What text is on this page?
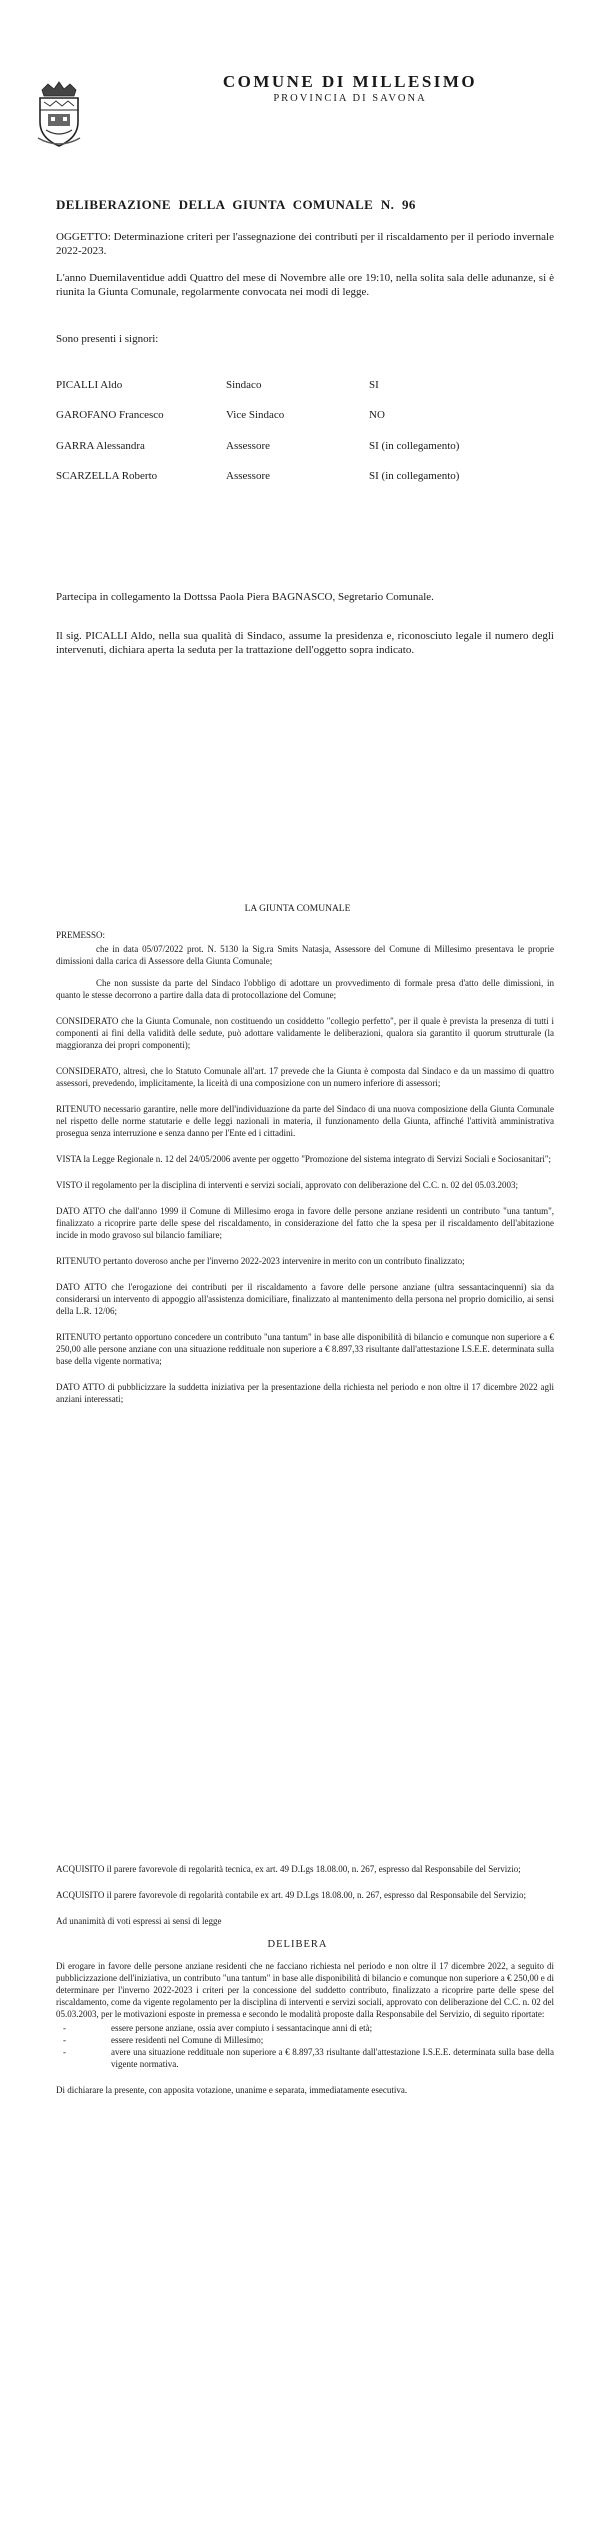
COMUNE DI MILLESIMO
PROVINCIA DI SAVONA
DELIBERAZIONE DELLA GIUNTA COMUNALE N. 96
OGGETTO: Determinazione criteri per l'assegnazione dei contributi per il riscaldamento per il periodo invernale 2022-2023.
L'anno Duemilaventidue addì Quattro del mese di Novembre alle ore 19:10, nella solita sala delle adunanze, si è riunita la Giunta Comunale, regolarmente convocata nei modi di legge.
Sono presenti i signori:
PICALLI Aldo	Sindaco	SI
GAROFANO Francesco	Vice Sindaco	NO
GARRA Alessandra	Assessore	SI (in collegamento)
SCARZELLA Roberto	Assessore	SI (in collegamento)
Partecipa in collegamento la Dottssa Paola Piera BAGNASCO, Segretario Comunale.
Il sig. PICALLI Aldo, nella sua qualità di Sindaco, assume la presidenza e, riconosciuto legale il numero degli intervenuti, dichiara aperta la seduta per la trattazione dell'oggetto sopra indicato.
LA GIUNTA COMUNALE
PREMESSO:
che in data 05/07/2022 prot. N. 5130 la Sig.ra Smits Natasja, Assessore del Comune di Millesimo presentava le proprie dimissioni dalla carica di Assessore della Giunta Comunale;
Che non sussiste da parte del Sindaco l'obbligo di adottare un provvedimento di formale presa d'atto delle dimissioni, in quanto le stesse decorrono a partire dalla data di protocollazione del Comune;
CONSIDERATO che la Giunta Comunale, non costituendo un cosiddetto "collegio perfetto", per il quale è prevista la presenza di tutti i componenti ai fini della validità delle sedute, può adottare validamente le deliberazioni, qualora sia garantito il quorum strutturale (la maggioranza dei propri componenti);
CONSIDERATO, altresì, che lo Statuto Comunale all'art. 17 prevede che la Giunta è composta dal Sindaco e da un massimo di quattro assessori, prevedendo, implicitamente, la liceità di una composizione con un numero inferiore di assessori;
RITENUTO necessario garantire, nelle more dell'individuazione da parte del Sindaco di una nuova composizione della Giunta Comunale nel rispetto delle norme statutarie e delle leggi nazionali in materia, il funzionamento della Giunta, affinché l'attività amministrativa prosegua senza interruzione e senza danno per l'Ente ed i cittadini.
VISTA la Legge Regionale n. 12 del 24/05/2006 avente per oggetto "Promozione del sistema integrato di Servizi Sociali e Sociosanitari";
VISTO il regolamento per la disciplina di interventi e servizi sociali, approvato con deliberazione del C.C. n. 02 del 05.03.2003;
DATO ATTO che dall'anno 1999 il Comune di Millesimo eroga in favore delle persone anziane residenti un contributo "una tantum", finalizzato a ricoprire parte delle spese del riscaldamento, in considerazione del fatto che la spesa per il riscaldamento dell'abitazione incide in modo gravoso sul bilancio familiare;
RITENUTO pertanto doveroso anche per l'inverno 2022-2023 intervenire in merito con un contributo finalizzato;
DATO ATTO che l'erogazione dei contributi per il riscaldamento a favore delle persone anziane (ultra sessantacinquenni) sia da considerarsi un intervento di appoggio all'assistenza domiciliare, finalizzato al mantenimento della persona nel proprio domicilio, ai sensi della L.R. 12/06;
RITENUTO pertanto opportuno concedere un contributo "una tantum" in base alle disponibilità di bilancio e comunque non superiore a € 250,00 alle persone anziane con una situazione reddituale non superiore a € 8.897,33 risultante dall'attestazione I.S.E.E. determinata sulla base della vigente normativa;
DATO ATTO di pubblicizzare la suddetta iniziativa per la presentazione della richiesta nel periodo e non oltre il 17 dicembre 2022 agli anziani interessati;
ACQUISITO il parere favorevole di regolarità tecnica, ex art. 49 D.Lgs 18.08.00, n. 267, espresso dal Responsabile del Servizio;
ACQUISITO il parere favorevole di regolarità contabile ex art. 49 D.Lgs 18.08.00, n. 267, espresso dal Responsabile del Servizio;
Ad unanimità di voti espressi ai sensi di legge
DELIBERA
Di erogare in favore delle persone anziane residenti che ne facciano richiesta nel periodo e non oltre il 17 dicembre 2022, a seguito di pubblicizzazione dell'iniziativa, un contributo "una tantum" in base alle disponibilità di bilancio e comunque non superiore a € 250,00 e di determinare per l'inverno 2022-2023 i criteri per la concessione del suddetto contributo, finalizzato a ricoprire parte delle spese del riscaldamento, come da vigente regolamento per la disciplina di interventi e servizi sociali, approvato con deliberazione del C.C. n. 02 del 05.03.2003, per le motivazioni esposte in premessa e secondo le modalità proposte dalla Responsabile del Servizio, di seguito riportate:
- essere persone anziane, ossia aver compiuto i sessantacinque anni di età;
- essere residenti nel Comune di Millesimo;
- avere una situazione reddituale non superiore a € 8.897,33 risultante dall'attestazione I.S.E.E. determinata sulla base della vigente normativa.
Di dichiarare la presente, con apposita votazione, unanime e separata, immediatamente esecutiva.
